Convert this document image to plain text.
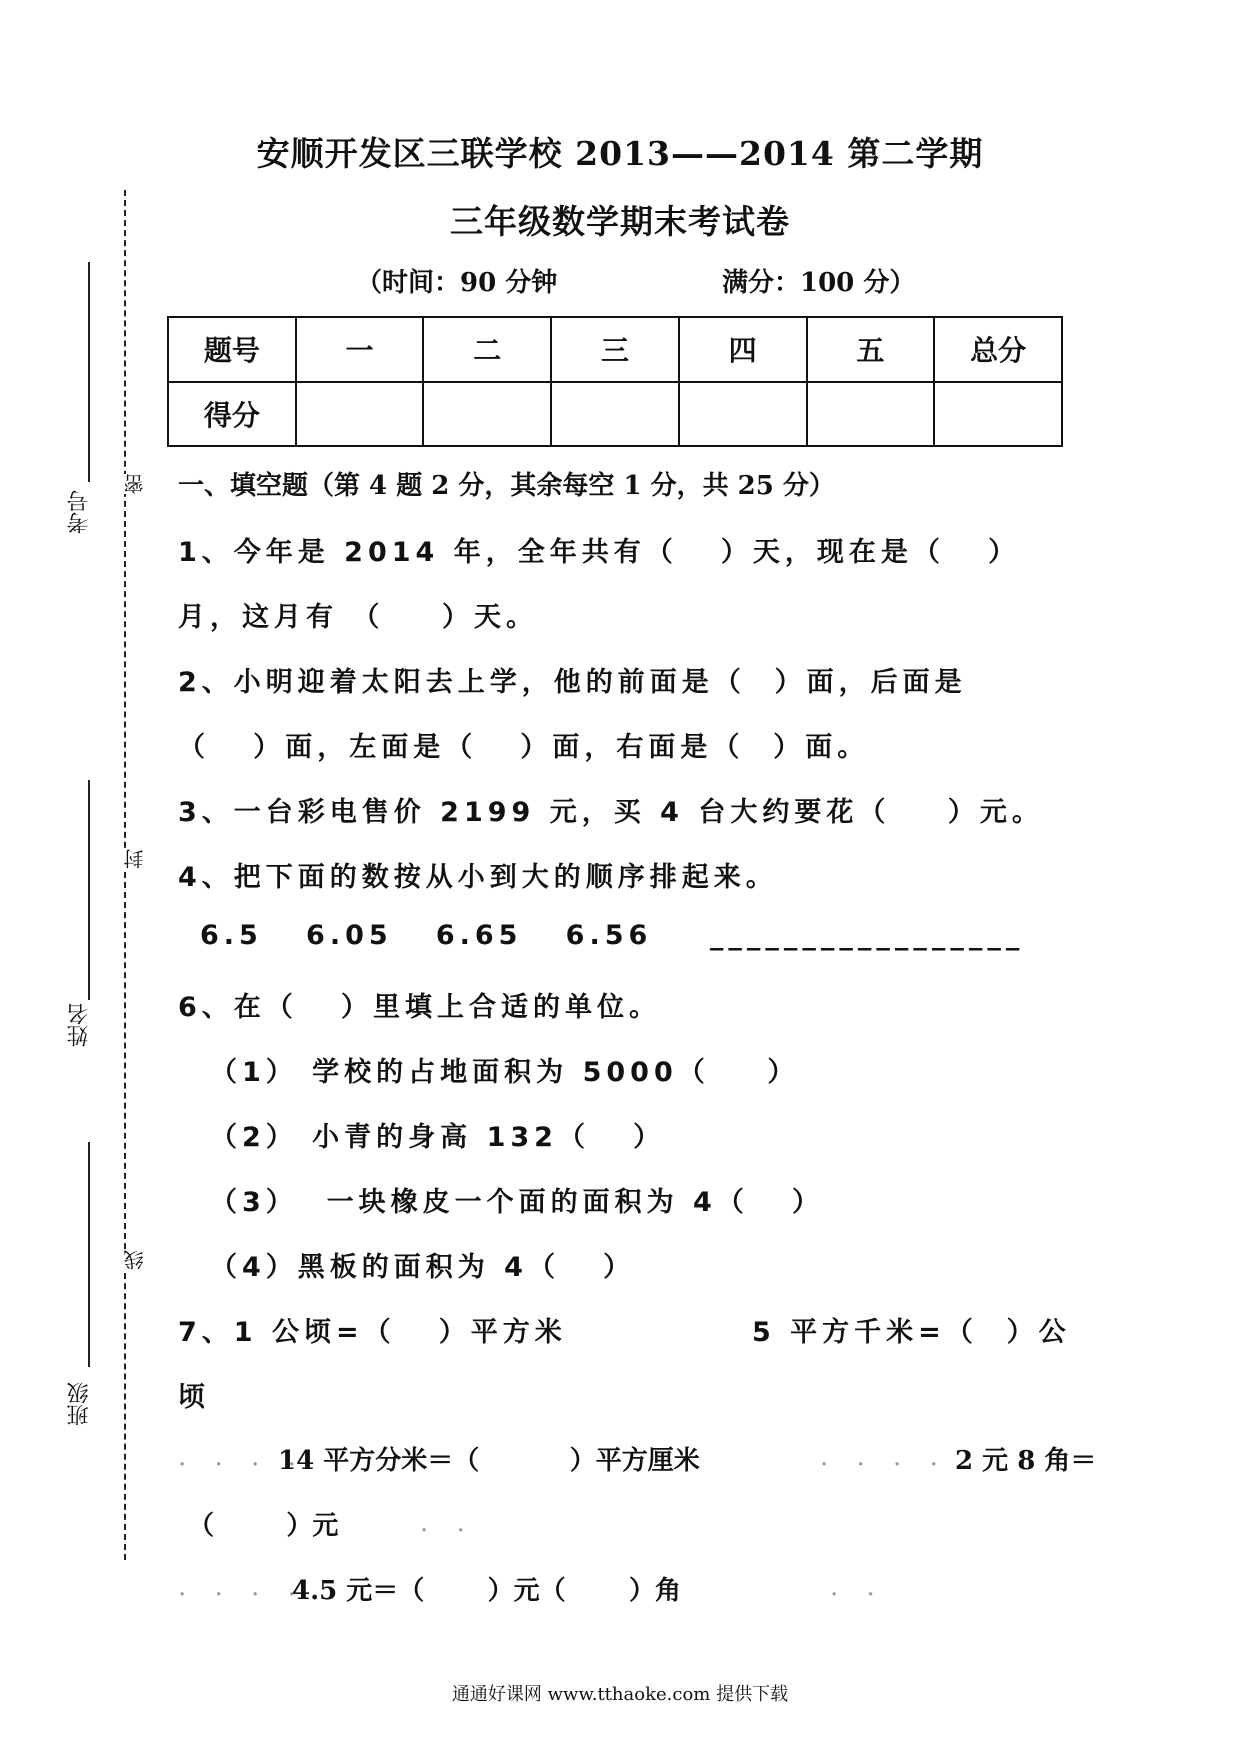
安顺开发区三联学校 2013——2014 第二学期
三年级数学期末考试卷
（时间：90 分钟	满分：100 分）
题号	一	二	三	四	五	总分
得分						
考号
姓名
班级
密
封
线
一、填空题（第 4 题 2 分，其余每空 1 分，共 25 分）
1、今年是 2014 年，全年共有（   ）天，现在是（   ）
月，这月有 （    ）天。
2、小明迎着太阳去上学，他的前面是（  ）面，后面是
（   ）面，左面是（   ）面，右面是（  ）面。
3、一台彩电售价 2199 元，买 4 台大约要花（    ）元。
4、把下面的数按从小到大的顺序排起来。
6.5   6.05   6.65   6.56    _________________
6、在（   ）里填上合适的单位。
（1） 学校的占地面积为 5000（    ）
（2） 小青的身高 132（   ）
（3）  一块橡皮一个面的面积为 4（   ）
（4）黑板的面积为 4（   ）
7、1 公顷=（   ）平方米	5 平方千米=（  ）公
顷
. . . .
14 平方分米＝（          ）平方厘米	. . . . 2 元 8 角＝
（        ）元	. .
. . . .
4.5 元＝（       ）元（       ）角	. .
通通好课网 www.tthaoke.com 提供下载
